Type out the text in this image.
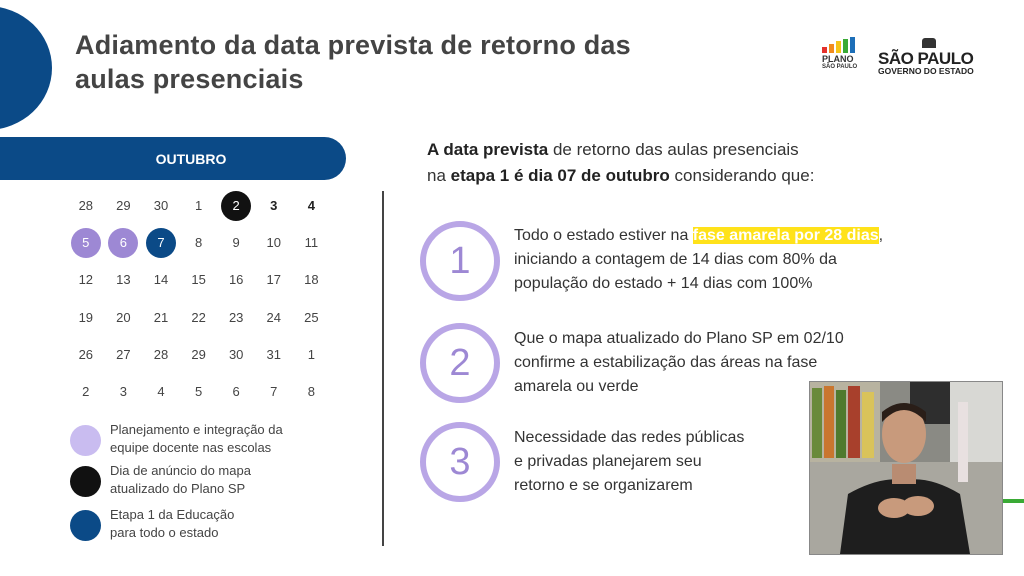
Adiamento da data prevista de retorno das
aulas presenciais
PLANO
SÃO PAULO SÃO PAULO
GOVERNO DO ESTADO
OUTUBRO
28	29	30	1	2	3	4
5	6	7	8	9	10	11
12	13	14	15	16	17	18
19	20	21	22	23	24	25
26	27	28	29	30	31	1
2	3	4	5	6	7	8
Planejamento e integração da
equipe docente nas escolas
Dia de anúncio do mapa
atualizado do Plano SP
Etapa 1 da Educação
para todo o estado
A data prevista de retorno das aulas presenciais
na etapa 1 é dia 07 de outubro considerando que:
1
Todo o estado estiver na fase amarela por 28 dias,
iniciando a contagem de 14 dias com 80% da
população do estado + 14 dias com 100%
2
Que o mapa atualizado do Plano SP em 02/10
confirme a estabilização das áreas na fase
amarela ou verde
3
Necessidade das redes públicas
e privadas planejarem seu
retorno e se organizarem
